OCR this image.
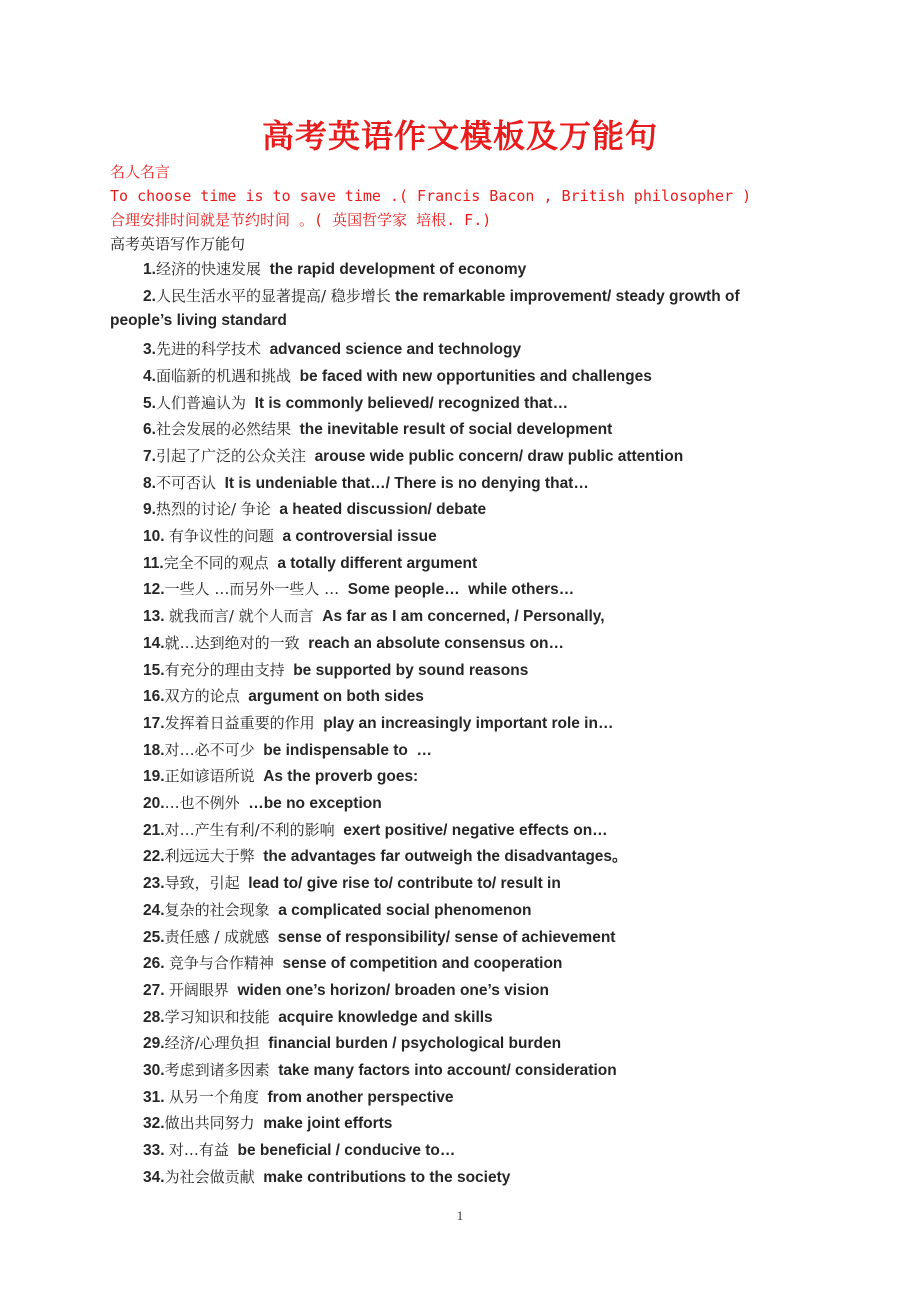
高考英语作文模板及万能句
名人名言
To choose time is to save time .( Francis Bacon , British philosopher )
合理安排时间就是节约时间 。( 英国哲学家 培根. F.)
高考英语写作万能句
1.经济的快速发展  the rapid development of economy
2.人民生活水平的显著提高/ 稳步增长 the remarkable improvement/ steady growth of
people’s living standard
3.先进的科学技术  advanced science and technology
4.面临新的机遇和挑战  be faced with new opportunities and challenges
5.人们普遍认为  It is commonly believed/ recognized that…
6.社会发展的必然结果  the inevitable result of social development
7.引起了广泛的公众关注  arouse wide public concern/ draw public attention
8.不可否认  It is undeniable that…/ There is no denying that…
9.热烈的讨论/ 争论  a heated discussion/ debate
10. 有争议性的问题  a controversial issue
11.完全不同的观点  a totally different argument
12.一些人 …而另外一些人 …  Some people…  while others…
13. 就我而言/ 就个人而言  As far as I am concerned, / Personally,
14.就…达到绝对的一致  reach an absolute consensus on…
15.有充分的理由支持  be supported by sound reasons
16.双方的论点  argument on both sides
17.发挥着日益重要的作用  play an increasingly important role in…
18.对…必不可少  be indispensable to  …
19.正如谚语所说  As the proverb goes:
20.…也不例外  …be no exception
21.对…产生有利/不利的影响  exert positive/ negative effects on…
22.利远远大于弊  the advantages far outweigh the disadvantages。
23.导致，引起  lead to/ give rise to/ contribute to/ result in
24.复杂的社会现象  a complicated social phenomenon
25.责任感 / 成就感  sense of responsibility/ sense of achievement
26. 竞争与合作精神  sense of competition and cooperation
27. 开阔眼界  widen one’s horizon/ broaden one’s vision
28.学习知识和技能  acquire knowledge and skills
29.经济/心理负担  financial burden / psychological burden
30.考虑到诸多因素  take many factors into account/ consideration
31. 从另一个角度  from another perspective
32.做出共同努力  make joint efforts
33. 对…有益  be beneficial / conducive to…
34.为社会做贡献  make contributions to the society
1
